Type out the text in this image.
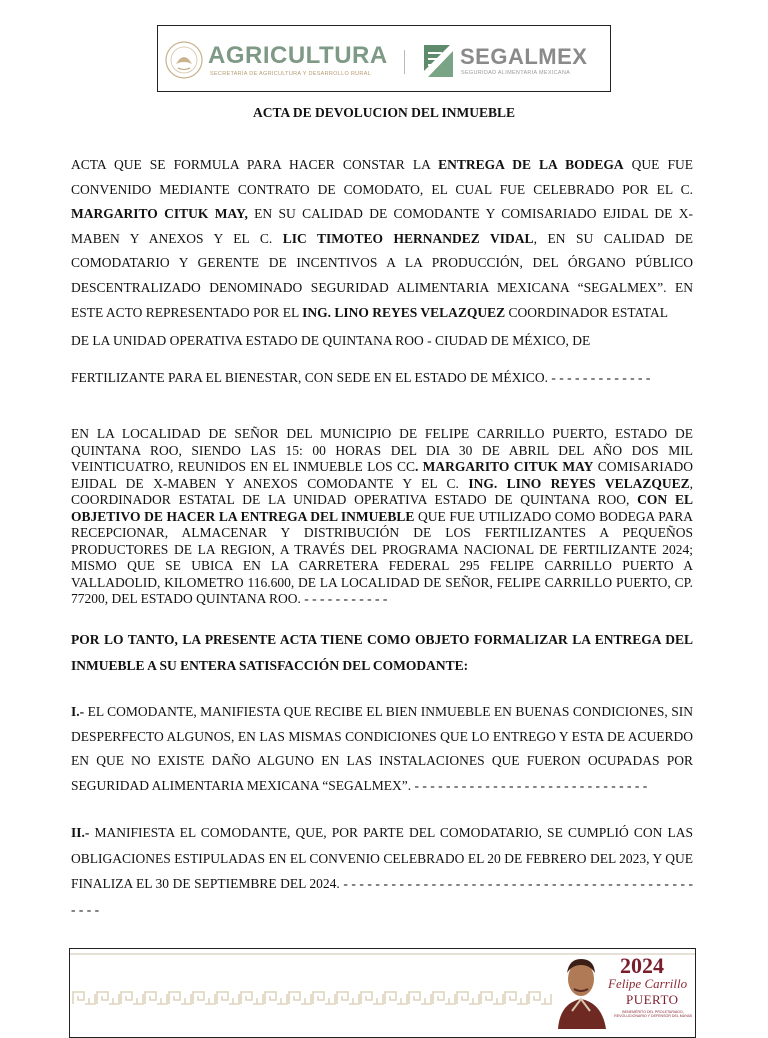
AGRICULTURA
SECRETARÍA DE AGRICULTURA Y DESARROLLO RURAL
SEGALMEX
SEGURIDAD ALIMENTARIA MEXICANA
ACTA DE DEVOLUCION DEL INMUEBLE

ACTA QUE SE FORMULA PARA HACER CONSTAR LA ENTREGA DE LA BODEGA QUE FUE CONVENIDO MEDIANTE CONTRATO DE COMODATO, EL CUAL FUE CELEBRADO POR EL C. MARGARITO CITUK MAY, EN SU CALIDAD DE COMODANTE Y COMISARIADO EJIDAL DE X-MABEN Y ANEXOS Y EL C. LIC TIMOTEO HERNANDEZ VIDAL, EN SU CALIDAD DE COMODATARIO Y GERENTE DE INCENTIVOS A LA PRODUCCIÓN, DEL ÓRGANO PÚBLICO DESCENTRALIZADO DENOMINADO SEGURIDAD ALIMENTARIA MEXICANA “SEGALMEX”. EN ESTE ACTO REPRESENTADO POR EL ING. LINO REYES VELAZQUEZ COORDINADOR ESTATAL
DE LA UNIDAD OPERATIVA ESTADO DE QUINTANA ROO - CIUDAD DE MÉXICO, DE
FERTILIZANTE PARA EL BIENESTAR, CON SEDE EN EL ESTADO DE MÉXICO. - - - - - - - - - - - - -

EN LA LOCALIDAD DE SEÑOR DEL MUNICIPIO DE FELIPE CARRILLO PUERTO, ESTADO DE QUINTANA ROO, SIENDO LAS 15: 00 HORAS DEL DIA 30 DE ABRIL DEL AÑO DOS MIL VEINTICUATRO, REUNIDOS EN EL INMUEBLE LOS CC. MARGARITO CITUK MAY COMISARIADO EJIDAL DE X-MABEN Y ANEXOS COMODANTE Y EL C. ING. LINO REYES VELAZQUEZ, COORDINADOR ESTATAL DE LA UNIDAD OPERATIVA ESTADO DE QUINTANA ROO, CON EL OBJETIVO DE HACER LA ENTREGA DEL INMUEBLE QUE FUE UTILIZADO COMO BODEGA PARA RECEPCIONAR, ALMACENAR Y DISTRIBUCIÓN DE LOS FERTILIZANTES A PEQUEÑOS PRODUCTORES DE LA REGION, A TRAVÉS DEL PROGRAMA NACIONAL DE FERTILIZANTE 2024; MISMO QUE SE UBICA EN LA CARRETERA FEDERAL 295 FELIPE CARRILLO PUERTO A VALLADOLID, KILOMETRO 116.600, DE LA LOCALIDAD DE SEÑOR, FELIPE CARRILLO PUERTO, CP. 77200, DEL ESTADO QUINTANA ROO. - - - - - - - - - - -

POR LO TANTO, LA PRESENTE ACTA TIENE COMO OBJETO FORMALIZAR LA ENTREGA DEL INMUEBLE A SU ENTERA SATISFACCIÓN DEL COMODANTE:

I.- EL COMODANTE, MANIFIESTA QUE RECIBE EL BIEN INMUEBLE EN BUENAS CONDICIONES, SIN DESPERFECTO ALGUNOS, EN LAS MISMAS CONDICIONES QUE LO ENTREGO Y ESTA DE ACUERDO EN QUE NO EXISTE DAÑO ALGUNO EN LAS INSTALACIONES QUE FUERON OCUPADAS POR SEGURIDAD ALIMENTARIA MEXICANA “SEGALMEX”. - - - - - - - - - - - - - - - - - - - - - - - - - - - - - -

II.- MANIFIESTA EL COMODANTE, QUE, POR PARTE DEL COMODATARIO, SE CUMPLIÓ CON LAS OBLIGACIONES ESTIPULADAS EN EL CONVENIO CELEBRADO EL 20 DE FEBRERO DEL 2023, Y QUE FINALIZA EL 30 DE SEPTIEMBRE DEL 2024. - - - - - - - - - - - - - - - - - - - - - - - - - - - - - - - - - - - - - - - - - - - - - - - -

2024
Felipe Carrillo
PUERTO
BENEMÉRITO DEL PROLETARIADO, REVOLUCIONARIO Y DEFENSOR DEL MAYAB
